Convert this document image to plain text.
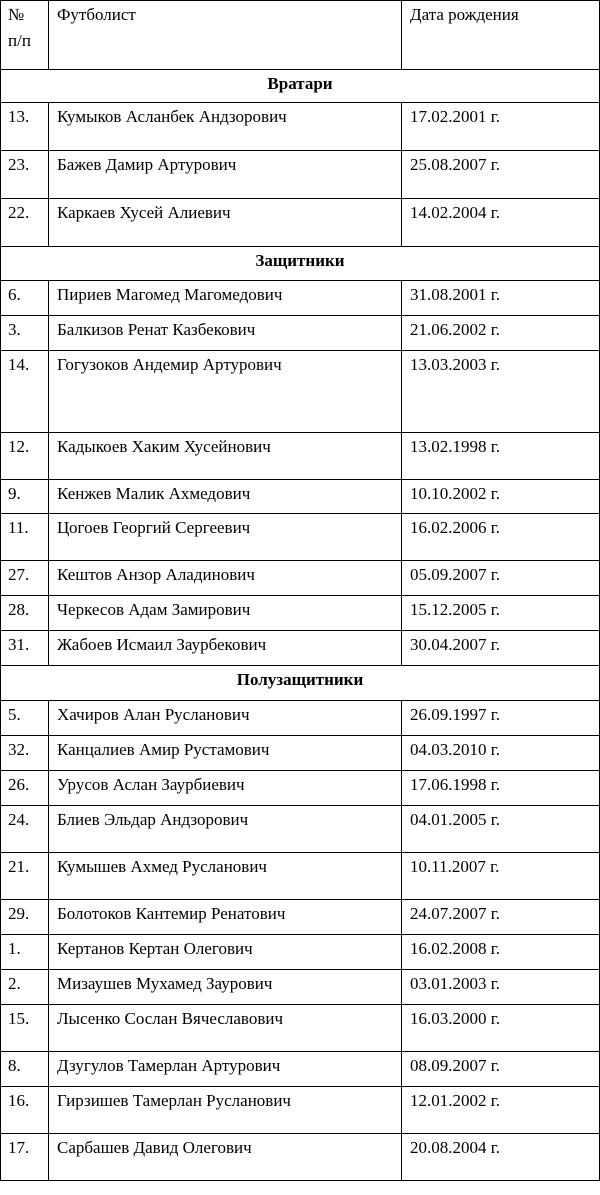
№
п/п	Футболист	Дата рождения
Вратари		
13.	Кумыков Асланбек Андзорович	17.02.2001 г.
23.	Бажев Дамир Артурович	25.08.2007 г.
22.	Каркаев Хусей Алиевич	14.02.2004 г.
Защитники		
6.	Пириев Магомед Магомедович	31.08.2001 г.
3.	Балкизов Ренат Казбекович	21.06.2002 г.
14.	Гогузоков Андемир Артурович	13.03.2003 г.
12.	Кадыкоев Хаким Хусейнович	13.02.1998 г.
9.	Кенжев Малик Ахмедович	10.10.2002 г.
11.	Цогоев Георгий Сергеевич	16.02.2006 г.
27.	Кештов Анзор Аладинович	05.09.2007 г.
28.	Черкесов Адам Замирович	15.12.2005 г.
31.	Жабоев Исмаил Заурбекович	30.04.2007 г.
Полузащитники		
5.	Хачиров Алан Русланович	26.09.1997 г.
32.	Канцалиев Амир Рустамович	04.03.2010 г.
26.	Урусов Аслан Заурбиевич	17.06.1998 г.
24.	Блиев Эльдар Андзорович	04.01.2005 г.
21.	Кумышев Ахмед Русланович	10.11.2007 г.
29.	Болотоков Кантемир Ренатович	24.07.2007 г.
1.	Кертанов Кертан Олегович	16.02.2008 г.
2.	Мизаушев Мухамед Заурович	03.01.2003 г.
15.	Лысенко Сослан Вячеславович	16.03.2000 г.
8.	Дзугулов Тамерлан Артурович	08.09.2007 г.
16.	Гирзишев Тамерлан Русланович	12.01.2002 г.
17.	Сарбашев Давид Олегович	20.08.2004 г.
